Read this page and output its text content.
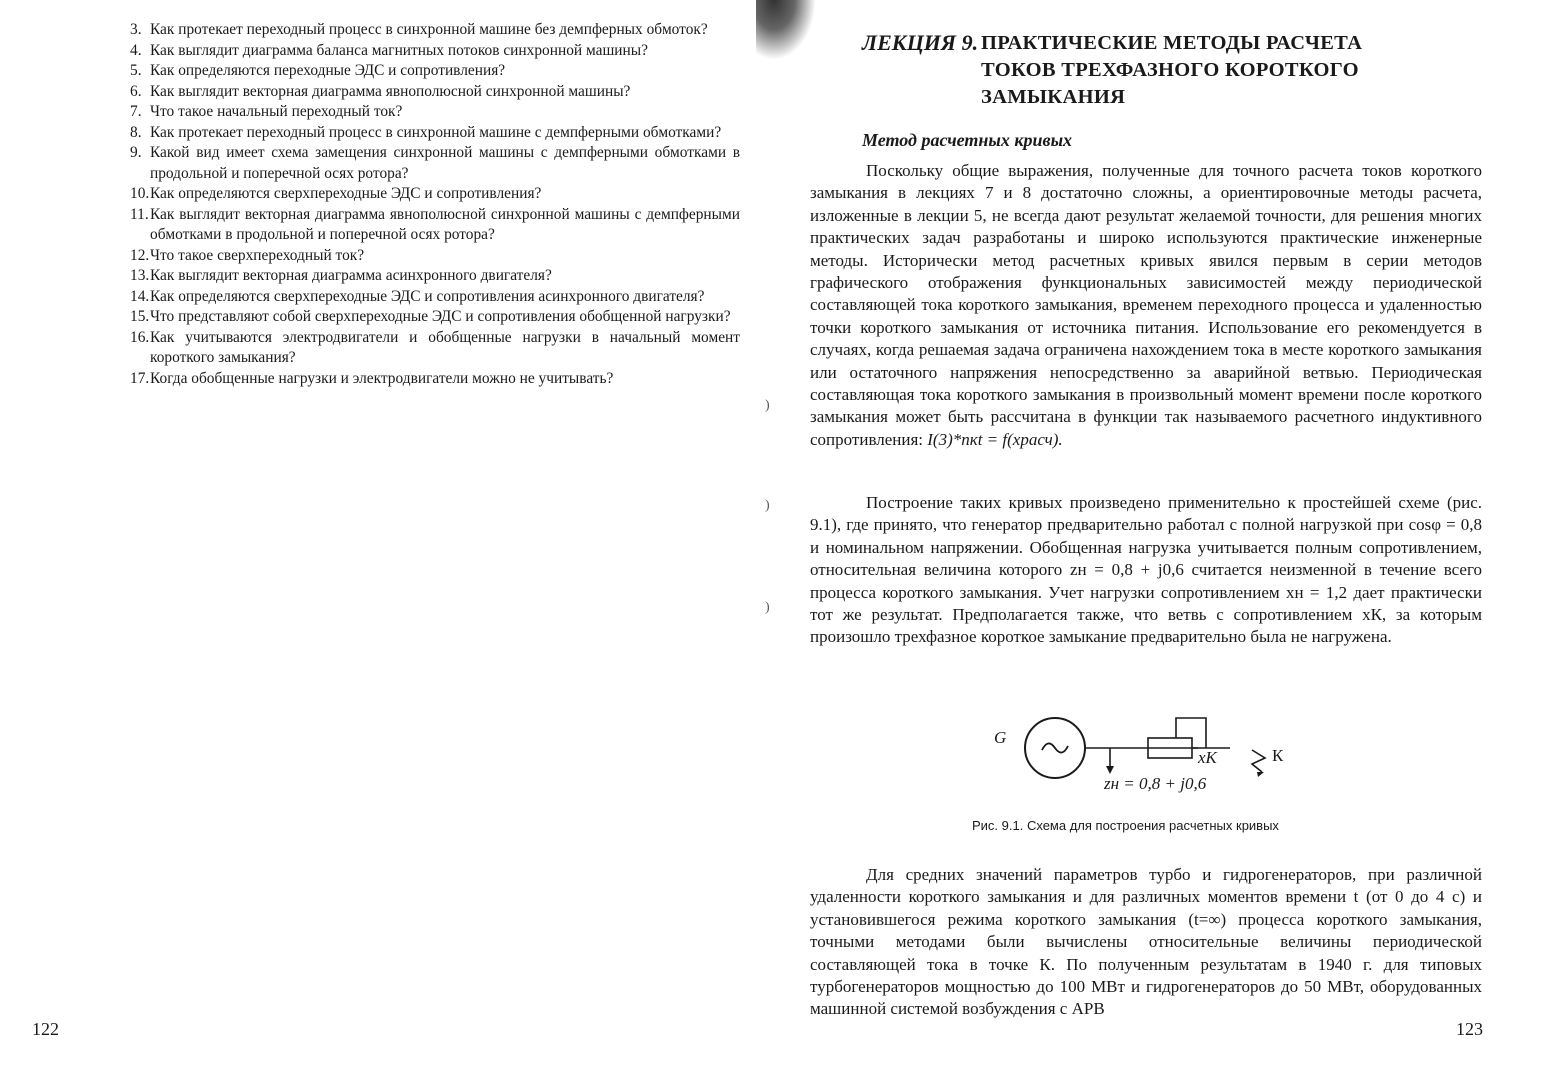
)
)
)
3. Как протекает переходный процесс в синхронной машине без демпферных обмоток?
4. Как выглядит диаграмма баланса магнитных потоков синхронной машины?
5. Как определяются переходные ЭДС и сопротивления?
6. Как выглядит векторная диаграмма явнополюсной синхронной машины?
7. Что такое начальный переходный ток?
8. Как протекает переходный процесс в синхронной машине с демпферными обмотками?
9. Какой вид имеет схема замещения синхронной машины с демпферными обмотками в продольной и поперечной осях ротора?
10. Как определяются сверхпереходные ЭДС и сопротивления?
11. Как выглядит векторная диаграмма явнополюсной синхронной машины с демпферными обмотками в продольной и поперечной осях ротора?
12. Что такое сверхпереходный ток?
13. Как выглядит векторная диаграмма асинхронного двигателя?
14. Как определяются сверхпереходные ЭДС и сопротивления асинхронного двигателя?
15. Что представляют собой сверхпереходные ЭДС и сопротивления обобщенной нагрузки?
16. Как учитываются электродвигатели и обобщенные нагрузки в начальный момент короткого замыкания?
17. Когда обобщенные нагрузки и электродвигатели можно не учитывать?
122
ЛЕКЦИЯ 9. ПРАКТИЧЕСКИЕ МЕТОДЫ РАСЧЕТА ТОКОВ ТРЕХФАЗНОГО КОРОТКОГО ЗАМЫКАНИЯ
Метод расчетных кривых

Поскольку общие выражения, полученные для точного расчета токов короткого замыкания в лекциях 7 и 8 достаточно сложны, а ориентировочные методы расчета, изложенные в лекции 5, не всегда дают результат желаемой точности, для решения многих практических задач разработаны и широко используются практические инженерные методы. Исторически метод расчетных кривых явился первым в серии методов графического отображения функциональных зависимостей между периодической составляющей тока короткого замыкания, временем переходного процесса и удаленностью точки короткого замыкания от источника питания. Использование его рекомендуется в случаях, когда решаемая задача ограничена нахождением тока в месте короткого замыкания или остаточного напряжения непосредственно за аварийной ветвью. Периодическая составляющая тока короткого замыкания в произвольный момент времени после короткого замыкания может быть рассчитана в функции так называемого расчетного индуктивного сопротивления: I(3)*пкt = f(xрасч).

Построение таких кривых произведено применительно к простейшей схеме (рис. 9.1), где принято, что генератор предварительно работал с полной нагрузкой при cosφ = 0,8 и номинальном напряжении. Обобщенная нагрузка учитывается полным сопротивлением, относительная величина которого zн = 0,8 + j0,6 считается неизменной в течение всего процесса короткого замыкания. Учет нагрузки сопротивлением xн = 1,2 дает практически тот же результат. Предполагается также, что ветвь с сопротивлением xК, за которым произошло трехфазное короткое замыкание предварительно была не нагружена.

G
xК	К
zн = 0,8 + j0,6
Рис. 9.1. Схема для построения расчетных кривых

Для средних значений параметров турбо и гидрогенераторов, при различной удаленности короткого замыкания и для различных моментов времени t (от 0 до 4 с) и установившегося режима короткого замыкания (t=∞) процесса короткого замыкания, точными методами были вычислены относительные величины периодической составляющей тока в точке К. По полученным результатам в 1940 г. для типовых турбогенераторов мощностью до 100 МВт и гидрогенераторов до 50 МВт, оборудованных машинной системой возбуждения с АРВ

123
